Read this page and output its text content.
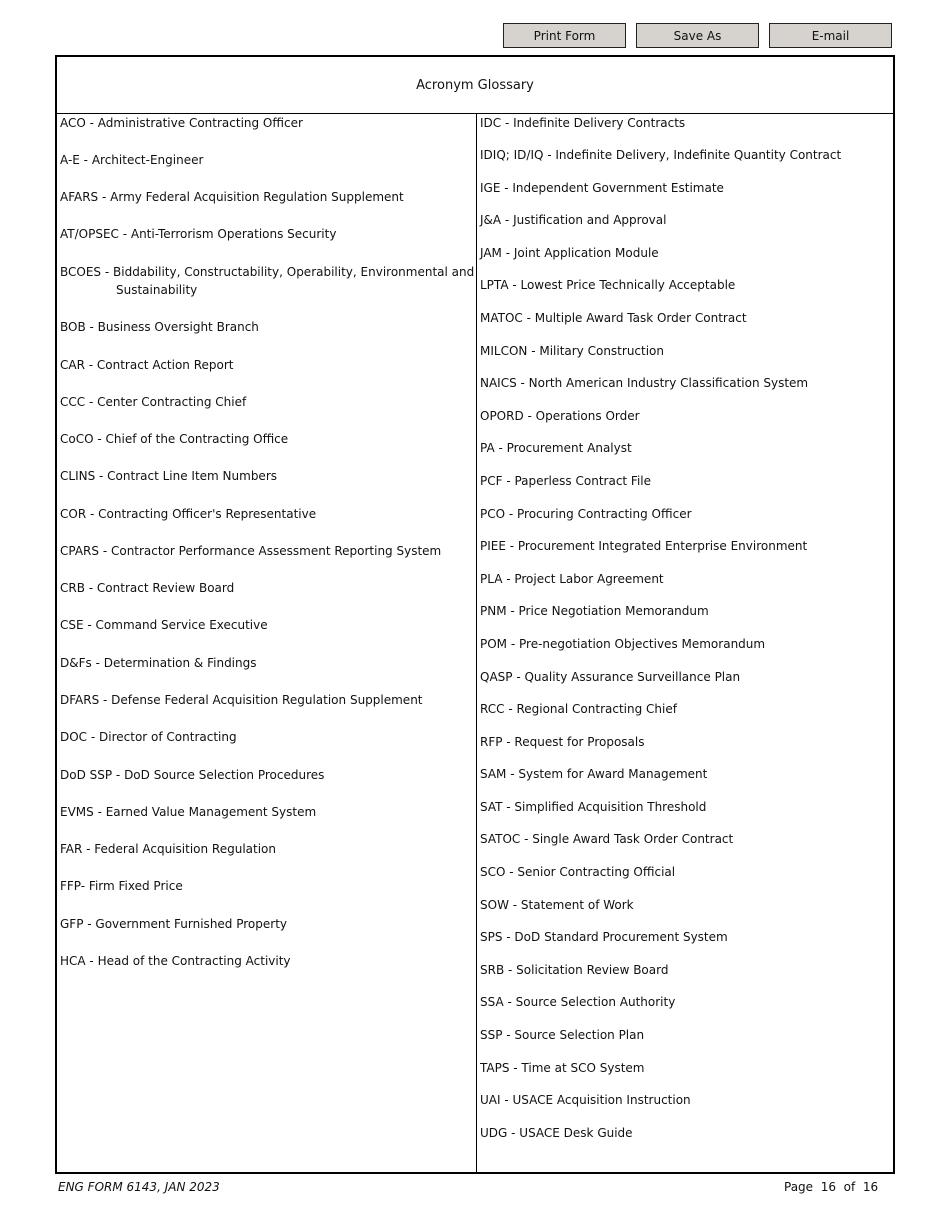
Print Form	Save As	E-mail
Acronym Glossary
ACO - Administrative Contracting Officer
A-E - Architect-Engineer
AFARS - Army Federal Acquisition Regulation Supplement
AT/OPSEC - Anti-Terrorism Operations Security
BCOES - Biddability, Constructability, Operability, Environmental and Sustainability
BOB - Business Oversight Branch
CAR - Contract Action Report
CCC - Center Contracting Chief
CoCO - Chief of the Contracting Office
CLINS - Contract Line Item Numbers
COR - Contracting Officer's Representative
CPARS - Contractor Performance Assessment Reporting System
CRB - Contract Review Board
CSE - Command Service Executive
D&Fs - Determination & Findings
DFARS - Defense Federal Acquisition Regulation Supplement
DOC - Director of Contracting
DoD SSP - DoD Source Selection Procedures
EVMS - Earned Value Management System
FAR - Federal Acquisition Regulation
FFP- Firm Fixed Price
GFP - Government Furnished Property
HCA - Head of the Contracting Activity
IDC - Indefinite Delivery Contracts
IDIQ; ID/IQ - Indefinite Delivery, Indefinite Quantity Contract
IGE - Independent Government Estimate
J&A - Justification and Approval
JAM - Joint Application Module
LPTA - Lowest Price Technically Acceptable
MATOC - Multiple Award Task Order Contract
MILCON - Military Construction
NAICS - North American Industry Classification System
OPORD - Operations Order
PA - Procurement Analyst
PCF - Paperless Contract File
PCO - Procuring Contracting Officer
PIEE - Procurement Integrated Enterprise Environment
PLA - Project Labor Agreement
PNM - Price Negotiation Memorandum
POM - Pre-negotiation Objectives Memorandum
QASP - Quality Assurance Surveillance Plan
RCC - Regional Contracting Chief
RFP - Request for Proposals
SAM - System for Award Management
SAT - Simplified Acquisition Threshold
SATOC - Single Award Task Order Contract
SCO - Senior Contracting Official
SOW - Statement of Work
SPS - DoD Standard Procurement System
SRB - Solicitation Review Board
SSA - Source Selection Authority
SSP - Source Selection Plan
TAPS - Time at SCO System
UAI - USACE Acquisition Instruction
UDG - USACE Desk Guide
ENG FORM 6143, JAN 2023	Page 16 of 16
